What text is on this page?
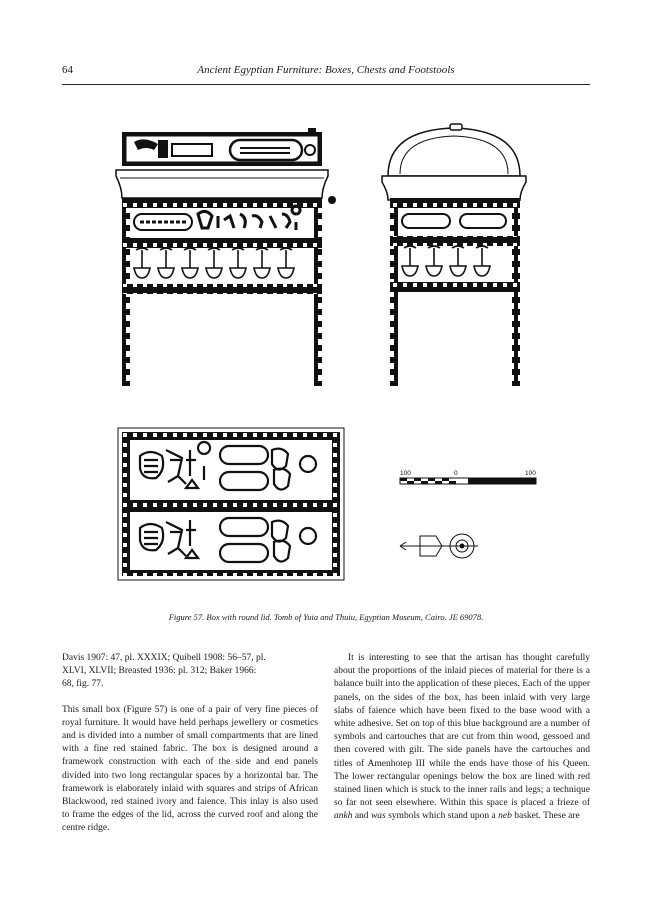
64	Ancient Egyptian Furniture: Boxes, Chests and Footstools
100	0	100
Figure 57. Box with round lid. Tomb of Yuia and Thuiu, Egyptian Museum, Cairo. JE 69078.

Davis 1907: 47, pl. XXXIX; Quibell 1908: 56–57, pl.
XLVI, XLVII; Breasted 1936: pl. 312; Baker 1966:
68, fig. 77.

This small box (Figure 57) is one of a pair of very fine pieces of royal furniture. It would have held perhaps jewellery or cosmetics and is divided into a number of small compartments that are lined with a fine red stained fabric. The box is designed around a framework construction with each of the side and end panels divided into two long rectangular spaces by a horizontal bar. The framework is elaborately inlaid with squares and strips of African Blackwood, red stained ivory and faience. This inlay is also used to frame the edges of the lid, across the curved roof and along the centre ridge.

It is interesting to see that the artisan has thought carefully about the proportions of the inlaid pieces of material for there is a balance built into the application of these pieces. Each of the upper panels, on the sides of the box, has been inlaid with very large slabs of faience which have been fixed to the base wood with a white adhesive. Set on top of this blue background are a number of symbols and cartouches that are cut from thin wood, gessoed and then covered with gilt. The side panels have the cartouches and titles of Amenhotep III while the ends have those of his Queen. The lower rectangular openings below the box are lined with red stained linen which is stuck to the inner rails and legs; a technique so far not seen elsewhere. Within this space is placed a frieze of ankh and was symbols which stand upon a neb basket. These are
